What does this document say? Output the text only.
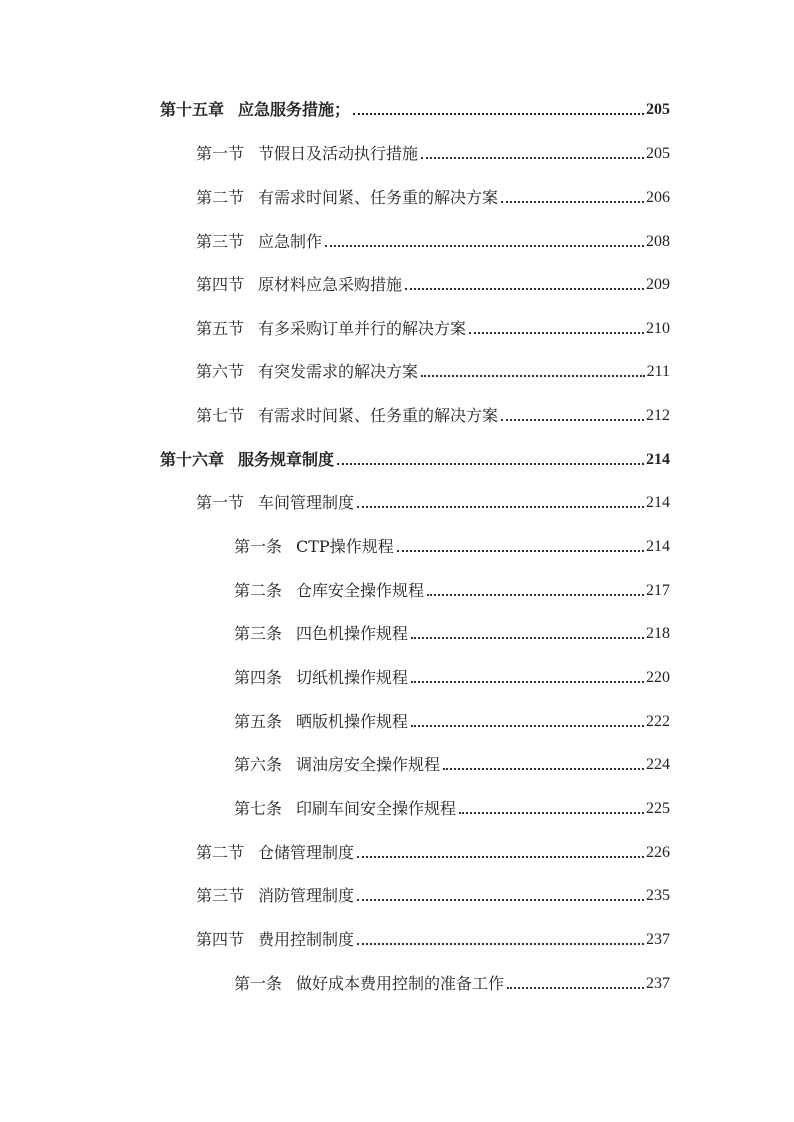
第十五章 应急服务措施；	205
第一节 节假日及活动执行措施	205
第二节 有需求时间紧、任务重的解决方案	206
第三节 应急制作	208
第四节 原材料应急采购措施	209
第五节 有多采购订单并行的解决方案	210
第六节 有突发需求的解决方案	211
第七节 有需求时间紧、任务重的解决方案	212
第十六章 服务规章制度	214
第一节 车间管理制度	214
第一条 CTP操作规程	214
第二条 仓库安全操作规程	217
第三条 四色机操作规程	218
第四条 切纸机操作规程	220
第五条 晒版机操作规程	222
第六条 调油房安全操作规程	224
第七条 印刷车间安全操作规程	225
第二节 仓储管理制度	226
第三节 消防管理制度	235
第四节 费用控制制度	237
第一条 做好成本费用控制的准备工作	237
